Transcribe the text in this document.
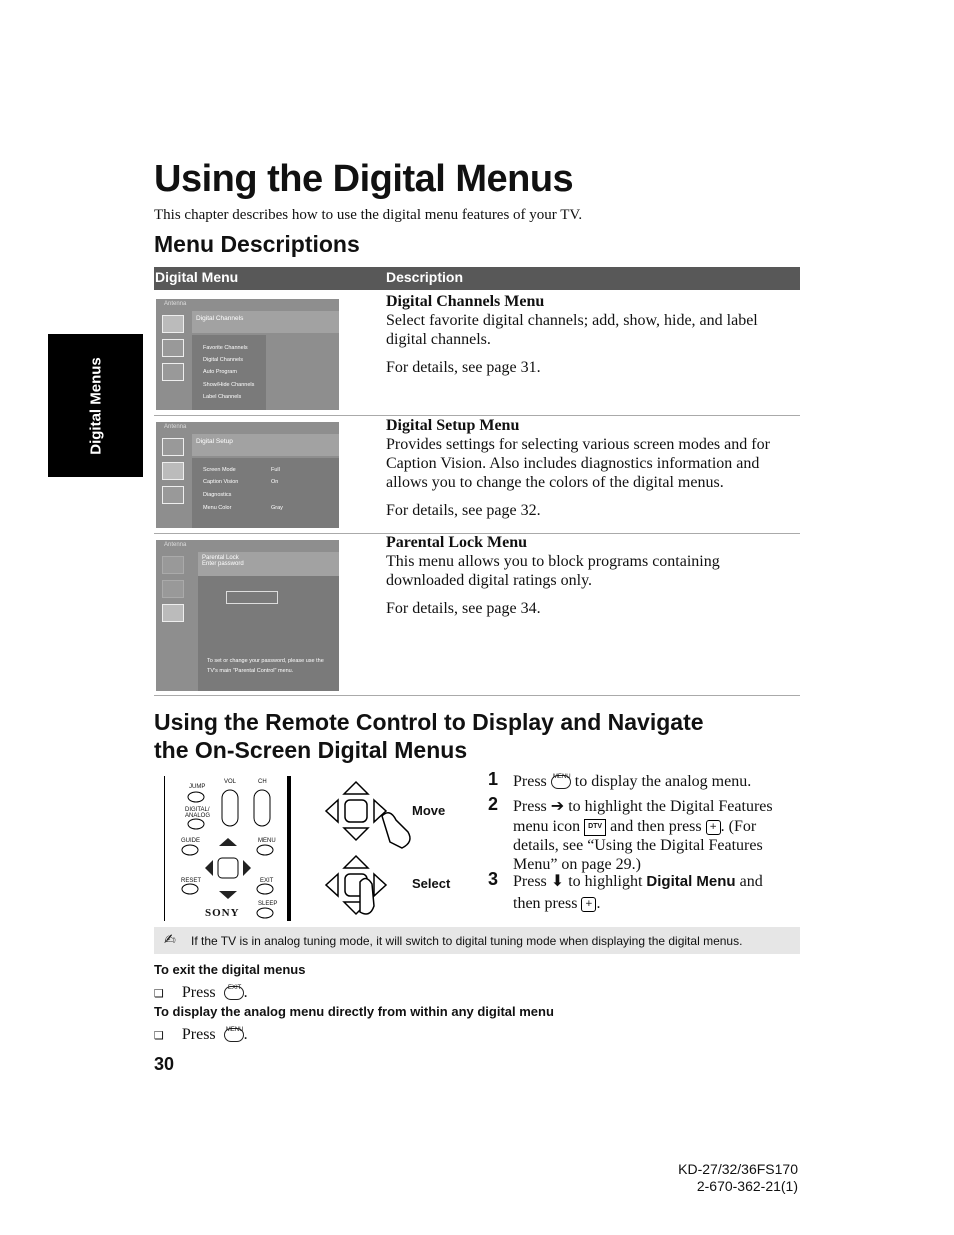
Using the Digital Menus
This chapter describes how to use the digital menu features of your TV.
Digital Menus
Menu Descriptions
Digital Menu	Description
Antenna
Digital Channels
Favorite Channels
Digital Channels
Auto Program
Show/Hide Channels
Label Channels
Digital Channels Menu
Select favorite digital channels; add, show, hide, and label digital channels.
For details, see page 31.
Antenna
Digital Setup
Screen Mode	Full
Caption Vision	On
Diagnostics
Menu Color	Gray
Digital Setup Menu
Provides settings for selecting various screen modes and for Caption Vision. Also includes diagnostics information and allows you to change the colors of the digital menus.
For details, see page 32.
Antenna
Parental Lock
Enter password
To set or change your password, please use the TV's main "Parental Control" menu.
Parental Lock Menu
This menu allows you to block programs containing downloaded digital ratings only.
For details, see page 34.
Using the Remote Control to Display and Navigate
the On-Screen Digital Menus
JUMP
VOL	CH
DIGITAL/
ANALOG
GUIDE	MENU
RESET	EXIT
SLEEP
SONY
Move
Select
1 Press MENU to display the analog menu.
2 Press ➔ to highlight the Digital Features
menu icon DTV and then press + . (For details, see “Using the Digital Features Menu” on page 29.)
3 Press ⬇ to highlight Digital Menu and
then press + .
✍ If the TV is in analog tuning mode, it will switch to digital tuning mode when displaying the digital menus.
To exit the digital menus
❑ Press	EXIT .
To display the analog menu directly from within any digital menu
❑ Press MENU .
30
KD-27/32/36FS170
2-670-362-21(1)
